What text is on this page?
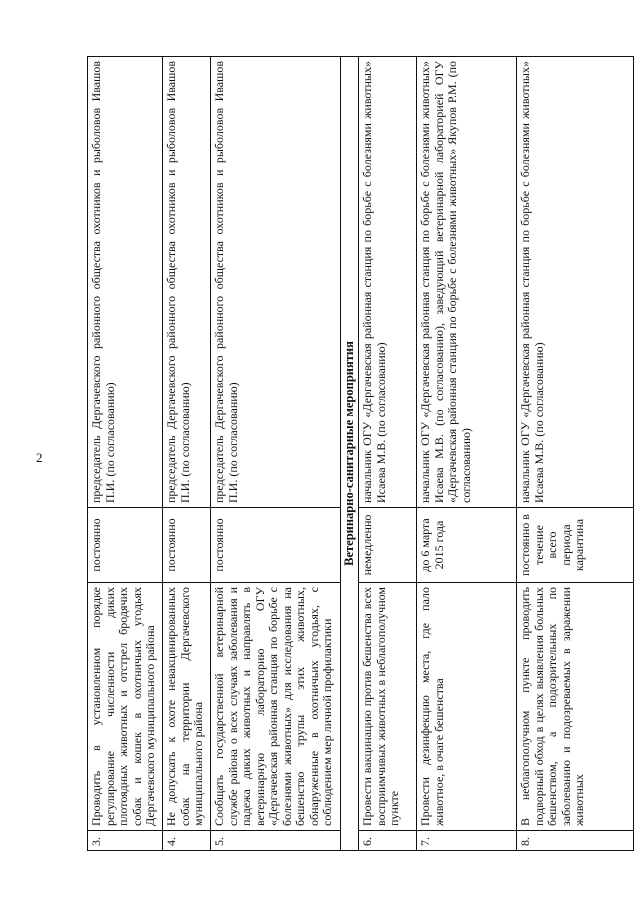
2
3.	Проводить в установленном порядке регулирование численности диких плотоядных животных и отстрел бродячих собак и кошек в охотничьих угодьях Дергачевского муниципального района	постоянно	председатель Дергачевского районного общества охотников и рыболовов Ивашов П.И. (по согласованию)
4.	Не допускать к охоте невакцинированных собак на территории Дергачевского муниципального района	постоянно	председатель Дергачевского районного общества охотников и рыболовов Ивашов П.И. (по согласованию)
5.	Сообщать государственной ветеринарной службе района о всех случаях заболевания и падежа диких животных и направлять в ветеринарную лабораторию ОГУ «Дергачевская районная станция по борьбе с болезнями животных» для исследования на бешенство трупы этих животных, обнаруженные в охотничьих угодьях, с соблюдением мер личной профилактики	постоянно	председатель Дергачевского районного общества охотников и рыболовов Ивашов П.И. (по согласованию)
Ветеринарно-санитарные мероприятия			
6.	Провести вакцинацию против бешенства всех восприимчивых животных в неблагополучном пункте	немедленно	начальник ОГУ «Дергачевская районная станция по борьбе с болезнями животных» Исаева М.В. (по согласованию)
7.	Провести дезинфекцию места, где пало животное, в очаге бешенства	до 6 марта 2015 года	начальник ОГУ «Дергачевская районная станция по борьбе с болезнями животных» Исаева М.В. (по согласованию), заведующий ветеринарной лабораторией ОГУ «Дергачевская районная станция по борьбе с болезнями животных» Якупов Р.М. (по согласованию)
8.	В неблагополучном пункте проводить подворный обход в целях выявления больных бешенством, а подозрительных по заболеванию и подозреваемых в заражении животных	постоянно в течение всего периода карантина	начальник ОГУ «Дергачевская районная станция по борьбе с болезнями животных» Исаева М.В. (по согласованию)
